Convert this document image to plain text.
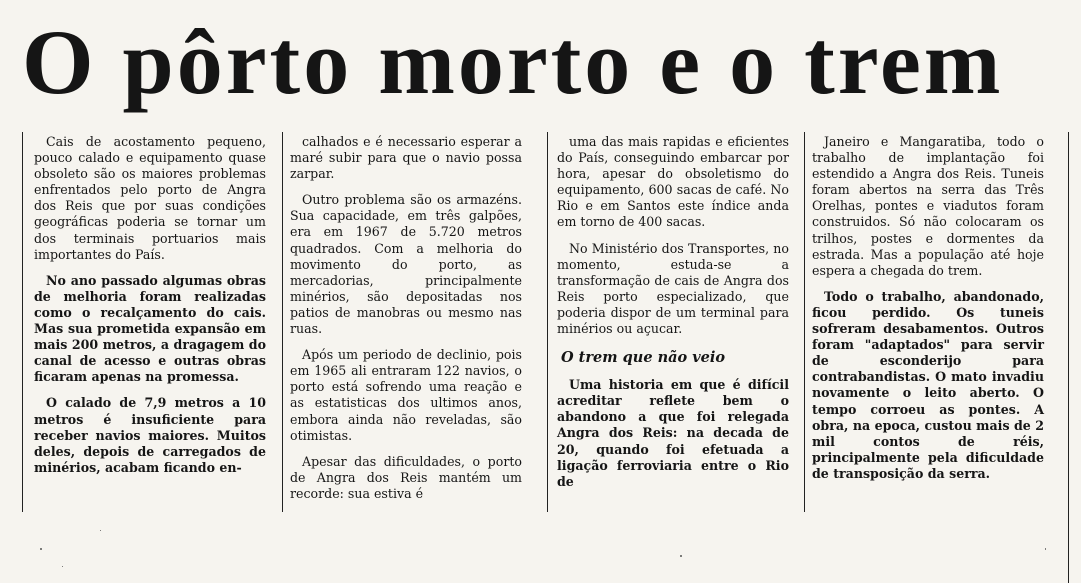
O pôrto morto e o trem

Cais de acostamento pequeno, pouco calado e equipamento quase obsoleto são os maiores problemas enfrentados pelo porto de Angra dos Reis que por suas condições geográficas poderia se tornar um dos terminais portuarios mais importantes do País.

No ano passado algumas obras de melhoria foram realizadas como o recalçamento do cais. Mas sua prometida expansão em mais 200 metros, a dragagem do canal de acesso e outras obras ficaram apenas na promessa.

O calado de 7,9 metros a 10 metros é insuficiente para receber navios maiores. Muitos deles, depois de carregados de minérios, acabam ficando en-

calhados e é necessario esperar a maré subir para que o navio possa zarpar.

Outro problema são os armazéns. Sua capacidade, em três galpões, era em 1967 de 5.720 metros quadrados. Com a melhoria do movimento do porto, as mercadorias, principalmente minérios, são depositadas nos patios de manobras ou mesmo nas ruas.

Após um periodo de declinio, pois em 1965 ali entraram 122 navios, o porto está sofrendo uma reação e as estatisticas dos ultimos anos, embora ainda não reveladas, são otimistas.

Apesar das dificuldades, o porto de Angra dos Reis mantém um recorde: sua estiva é

uma das mais rapidas e eficientes do País, conseguindo embarcar por hora, apesar do obsoletismo do equipamento, 600 sacas de café. No Rio e em Santos este índice anda em torno de 400 sacas.

No Ministério dos Transportes, no momento, estuda-se a transformação de cais de Angra dos Reis porto especializado, que poderia dispor de um terminal para minérios ou açucar.

O trem que não veio

Uma historia em que é difícil acreditar reflete bem o abandono a que foi relegada Angra dos Reis: na decada de 20, quando foi efetuada a ligação ferroviaria entre o Rio de

Janeiro e Mangaratiba, todo o trabalho de implantação foi estendido a Angra dos Reis. Tuneis foram abertos na serra das Três Orelhas, pontes e viadutos foram construidos. Só não colocaram os trilhos, postes e dormentes da estrada. Mas a população até hoje espera a chegada do trem.

Todo o trabalho, abandonado, ficou perdido. Os tuneis sofreram desabamentos. Outros foram "adaptados" para servir de esconderijo para contrabandistas. O mato invadiu novamente o leito aberto. O tempo corroeu as pontes. A obra, na epoca, custou mais de 2 mil contos de réis, principalmente pela dificuldade de transposição da serra.
